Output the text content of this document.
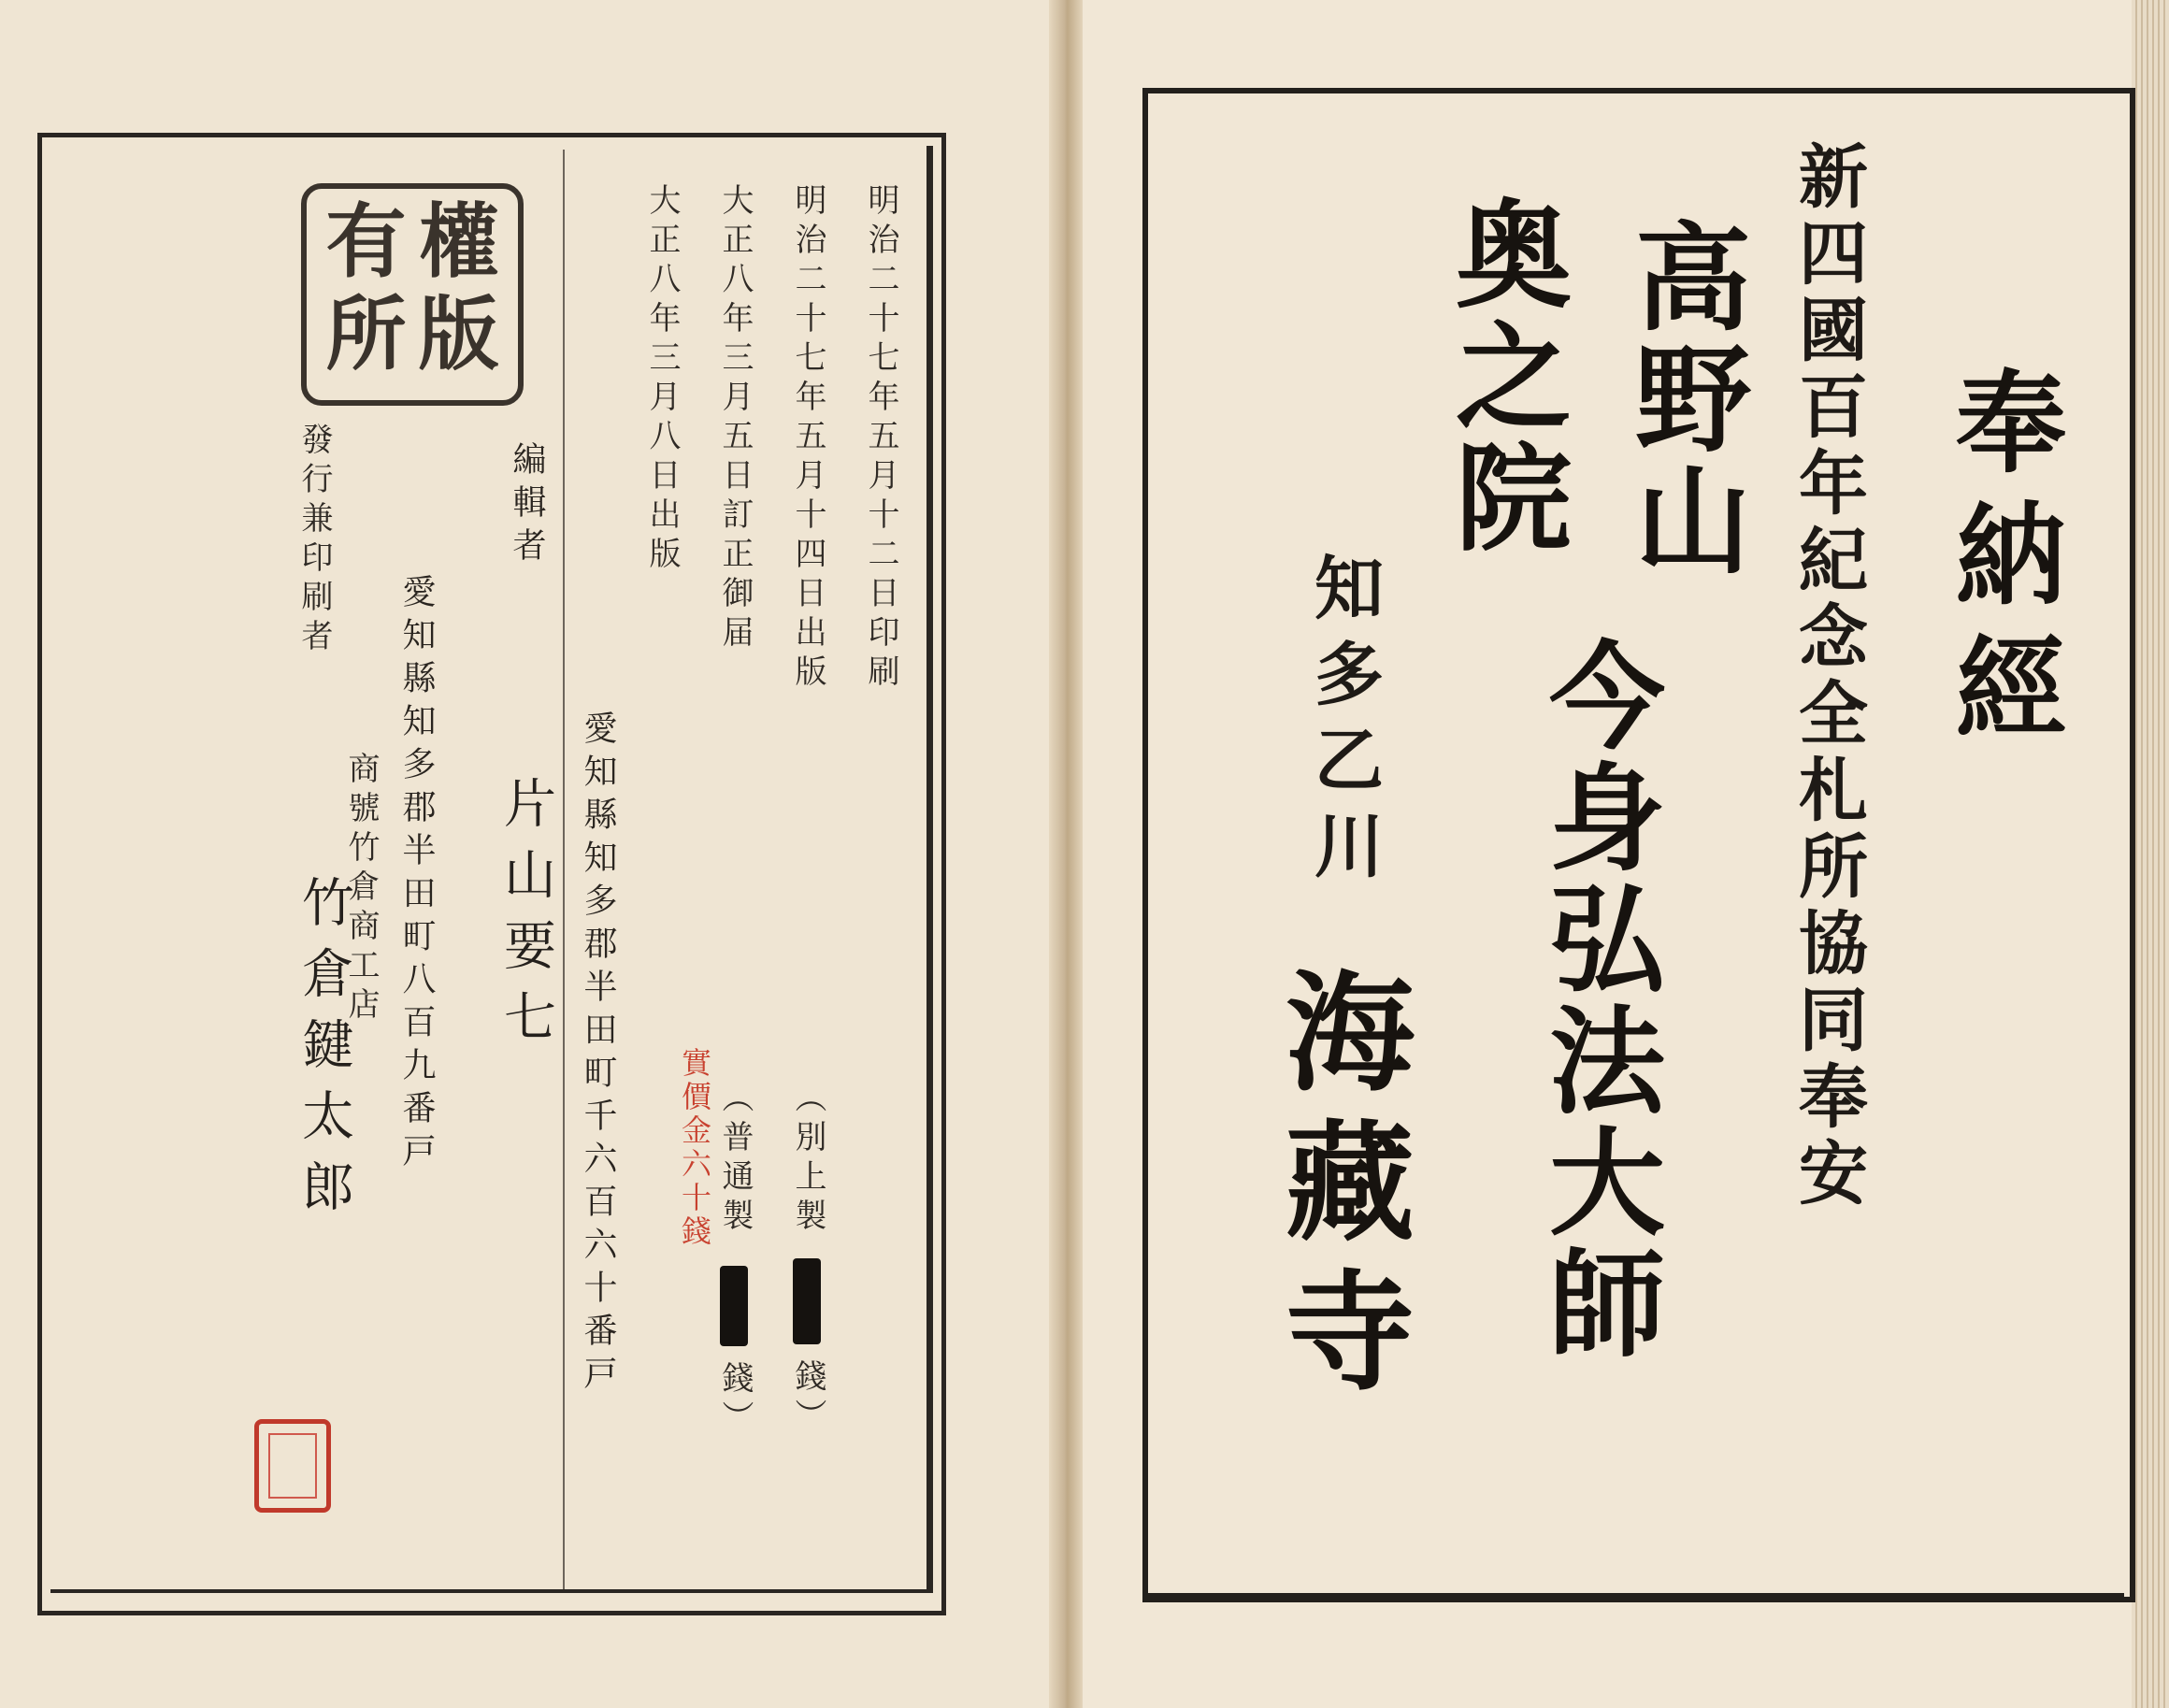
有 權
所 版	明治二十七年五月十二日印刷
明治二十七年五月十四日出版
大正八年三月五日訂正御届
大正八年三月八日出版
（別上製
錢）
（普通製
錢）
實價金六十錢
愛知縣知多郡半田町千六百六十番戸
編輯者
片山要七
愛知縣知多郡半田町八百九番戸
發行兼印刷者
商號竹倉商工店
竹倉鍵太郎
奉納經
新四國百年紀念全札所協同奉安
高野山
奥之院
今身弘法大師
知多乙川
海藏寺
